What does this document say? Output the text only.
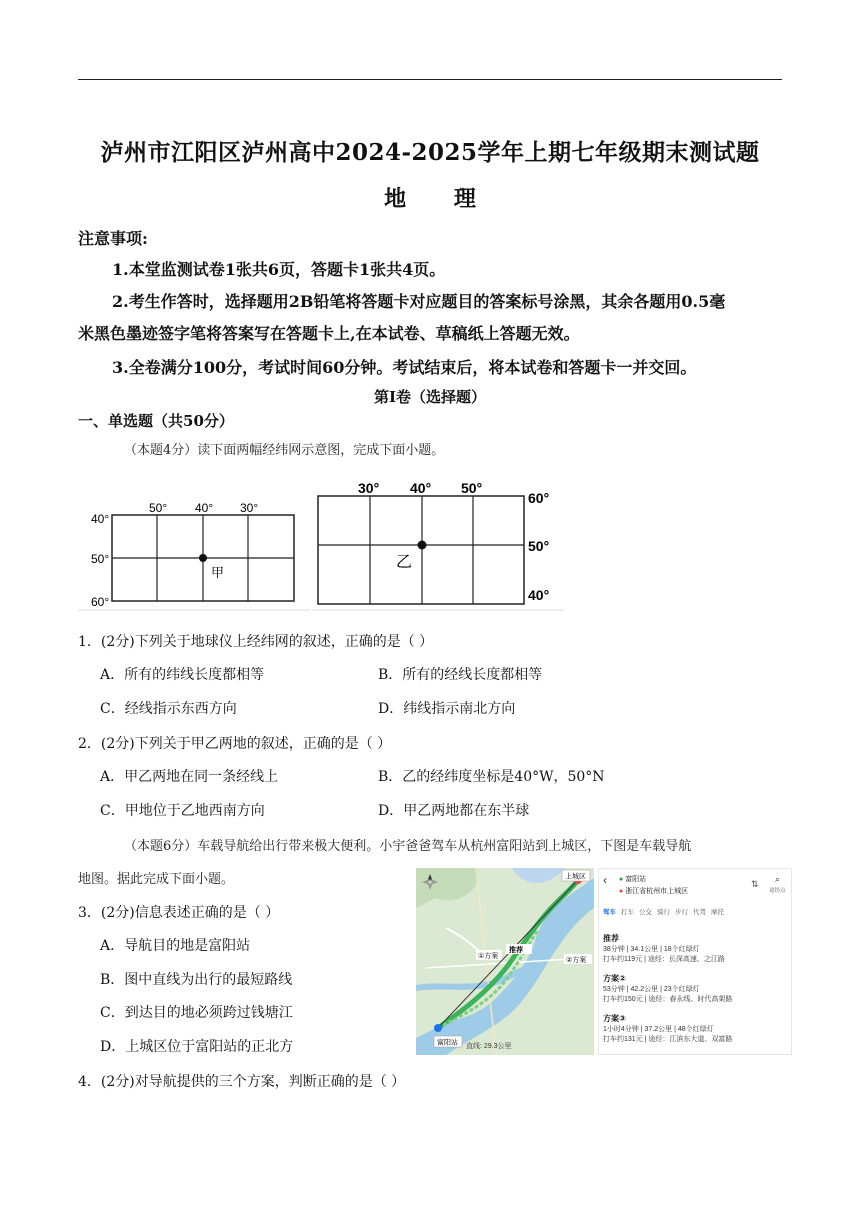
泸州市江阳区泸州高中2024-2025学年上期七年级期末测试题
地 理
注意事项:
1.本堂监测试卷1张共6页，答题卡1张共4页。
2.考生作答时，选择题用2B铅笔将答题卡对应题目的答案标号涂黑，其余各题用0.5毫
米黑色墨迹签字笔将答案写在答题卡上,在本试卷、草稿纸上答题无效。
3.全卷满分100分，考试时间60分钟。考试结束后，将本试卷和答题卡一并交回。
第Ⅰ卷（选择题）
一、单选题（共50分）
（本题4分）读下面两幅经纬网示意图，完成下面小题。
50° 40° 30°
40°
50°
60°
甲
30° 40° 50°
60°
50°
40°
乙
1．(2分)下列关于地球仪上经纬网的叙述，正确的是（ ）
A．所有的纬线长度都相等	B．所有的经线长度都相等
C．经线指示东西方向	D．纬线指示南北方向
2．(2分)下列关于甲乙两地的叙述，正确的是（ ）
A．甲乙两地在同一条经线上	B．乙的经纬度坐标是40°W，50°N
C．甲地位于乙地西南方向	D．甲乙两地都在东半球
（本题6分）车载导航给出行带来极大便利。小宇爸爸驾车从杭州富阳站到上城区，下图是车载导航
地图。据此完成下面小题。
3．(2分)信息表述正确的是（ ）
A．导航目的地是富阳站
B．图中直线为出行的最短路线
C．到达目的地必须跨过钱塘江
D．上城区位于富阳站的正北方
4．(2分)对导航提供的三个方案，判断正确的是（ ）
上城区
富阳站
推荐
①方案
②方案
直线: 29.3公里
‹ ● 富阳站
● 浙江省杭州市上城区
⇅ ⌕
途经点
驾车 打车 公交 骑行 步行 代驾 摩托
推荐
38分钟 | 34.1公里 | 18个红绿灯
打车约119元 | 途经：长深高速、之江路
方案②
53分钟 | 42.2公里 | 23个红绿灯
打车约150元 | 途经：春永线、时代高架路
方案③
1小时4分钟 | 37.2公里 | 48个红绿灯
打车约131元 | 途经：江滨东大道、双富路
